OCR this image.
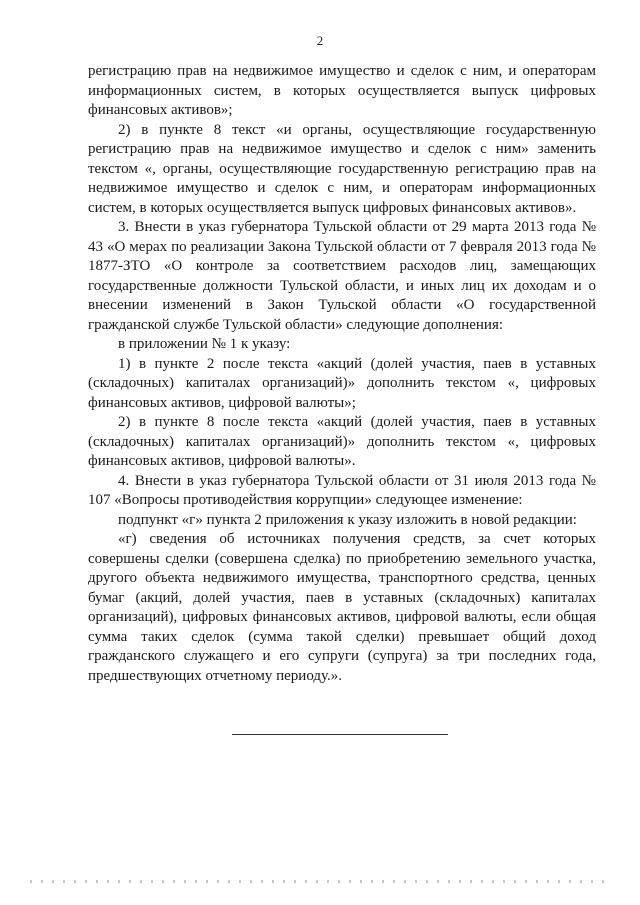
2

регистрацию прав на недвижимое имущество и сделок с ним, и операторам информационных систем, в которых осуществляется выпуск цифровых финансовых активов»;

2) в пункте 8 текст «и органы, осуществляющие государственную регистрацию прав на недвижимое имущество и сделок с ним» заменить текстом «, органы, осуществляющие государственную регистрацию прав на недвижимое имущество и сделок с ним, и операторам информационных систем, в которых осуществляется выпуск цифровых финансовых активов».

3. Внести в указ губернатора Тульской области от 29 марта 2013 года № 43 «О мерах по реализации Закона Тульской области от 7 февраля 2013 года № 1877-ЗТО «О контроле за соответствием расходов лиц, замещающих государственные должности Тульской области, и иных лиц их доходам и о внесении изменений в Закон Тульской области «О государственной гражданской службе Тульской области» следующие дополнения:

в приложении № 1 к указу:

1) в пункте 2 после текста «акций (долей участия, паев в уставных (складочных) капиталах организаций)» дополнить текстом «, цифровых финансовых активов, цифровой валюты»;

2) в пункте 8 после текста «акций (долей участия, паев в уставных (складочных) капиталах организаций)» дополнить текстом «, цифровых финансовых активов, цифровой валюты».

4. Внести в указ губернатора Тульской области от 31 июля 2013 года № 107 «Вопросы противодействия коррупции» следующее изменение:

подпункт «г» пункта 2 приложения к указу изложить в новой редакции:

«г) сведения об источниках получения средств, за счет которых совершены сделки (совершена сделка) по приобретению земельного участка, другого объекта недвижимого имущества, транспортного средства, ценных бумаг (акций, долей участия, паев в уставных (складочных) капиталах организаций), цифровых финансовых активов, цифровой валюты, если общая сумма таких сделок (сумма такой сделки) превышает общий доход гражданского служащего и его супруги (супруга) за три последних года, предшествующих отчетному периоду.».
